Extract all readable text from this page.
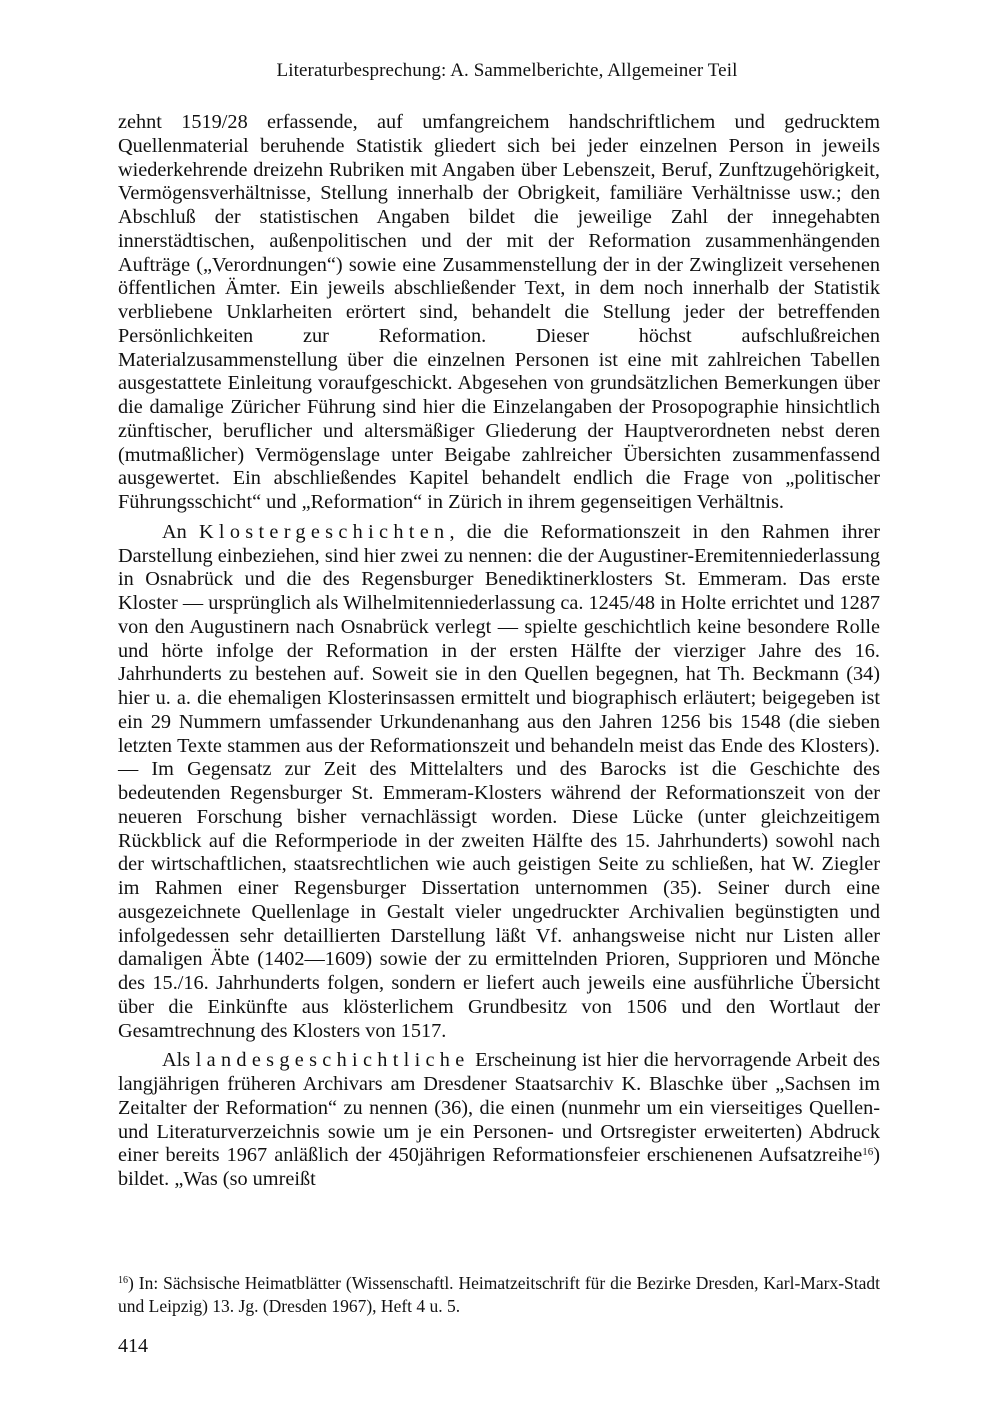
Literaturbesprechung: A. Sammelberichte, Allgemeiner Teil

zehnt 1519/28 erfassende, auf umfangreichem handschriftlichem und gedrucktem Quellenmaterial beruhende Statistik gliedert sich bei jeder einzelnen Person in jeweils wiederkehrende dreizehn Rubriken mit Angaben über Lebenszeit, Beruf, Zunftzugehörigkeit, Vermögensverhältnisse, Stellung innerhalb der Obrigkeit, familiäre Verhältnisse usw.; den Abschluß der statistischen Angaben bildet die jeweilige Zahl der innegehabten innerstädtischen, außenpolitischen und der mit der Reformation zusammenhängenden Aufträge („Verordnungen“) sowie eine Zusammenstellung der in der Zwinglizeit versehenen öffentlichen Ämter. Ein jeweils abschließender Text, in dem noch innerhalb der Statistik verbliebene Unklarheiten erörtert sind, behandelt die Stellung jeder der betreffenden Persönlichkeiten zur Reformation. Dieser höchst aufschlußreichen Materialzusammenstellung über die einzelnen Personen ist eine mit zahlreichen Tabellen ausgestattete Einleitung voraufgeschickt. Abgesehen von grundsätzlichen Bemerkungen über die damalige Züricher Führung sind hier die Einzelangaben der Prosopographie hinsichtlich zünftischer, beruflicher und altersmäßiger Gliederung der Hauptverordneten nebst deren (mutmaßlicher) Vermögenslage unter Beigabe zahlreicher Übersichten zusammenfassend ausgewertet. Ein abschließendes Kapitel behandelt endlich die Frage von „politischer Führungsschicht“ und „Reformation“ in Zürich in ihrem gegenseitigen Verhältnis.

An Klostergeschichten, die die Reformationszeit in den Rahmen ihrer Darstellung einbeziehen, sind hier zwei zu nennen: die der Augustiner-Eremitenniederlassung in Osnabrück und die des Regensburger Benediktinerklosters St. Emmeram. Das erste Kloster — ursprünglich als Wilhelmitenniederlassung ca. 1245/48 in Holte errichtet und 1287 von den Augustinern nach Osnabrück verlegt — spielte geschichtlich keine besondere Rolle und hörte infolge der Reformation in der ersten Hälfte der vierziger Jahre des 16. Jahrhunderts zu bestehen auf. Soweit sie in den Quellen begegnen, hat Th. Beckmann (34) hier u. a. die ehemaligen Klosterinsassen ermittelt und biographisch erläutert; beigegeben ist ein 29 Nummern umfassender Urkundenanhang aus den Jahren 1256 bis 1548 (die sieben letzten Texte stammen aus der Reformationszeit und behandeln meist das Ende des Klosters). — Im Gegensatz zur Zeit des Mittelalters und des Barocks ist die Geschichte des bedeutenden Regensburger St. Emmeram-Klosters während der Reformationszeit von der neueren Forschung bisher vernachlässigt worden. Diese Lücke (unter gleichzeitigem Rückblick auf die Reformperiode in der zweiten Hälfte des 15. Jahrhunderts) sowohl nach der wirtschaftlichen, staatsrechtlichen wie auch geistigen Seite zu schließen, hat W. Ziegler im Rahmen einer Regensburger Dissertation unternommen (35). Seiner durch eine ausgezeichnete Quellenlage in Gestalt vieler ungedruckter Archivalien begünstigten und infolgedessen sehr detaillierten Darstellung läßt Vf. anhangsweise nicht nur Listen aller damaligen Äbte (1402—1609) sowie der zu ermittelnden Prioren, Supprioren und Mönche des 15./16. Jahrhunderts folgen, sondern er liefert auch jeweils eine ausführliche Übersicht über die Einkünfte aus klösterlichem Grundbesitz von 1506 und den Wortlaut der Gesamtrechnung des Klosters von 1517.

Als landesgeschichtliche Erscheinung ist hier die hervorragende Arbeit des langjährigen früheren Archivars am Dresdener Staatsarchiv K. Blaschke über „Sachsen im Zeitalter der Reformation“ zu nennen (36), die einen (nunmehr um ein vierseitiges Quellen- und Literaturverzeichnis sowie um je ein Personen- und Ortsregister erweiterten) Abdruck einer bereits 1967 anläßlich der 450jährigen Reformationsfeier erschienenen Aufsatzreihe$^{16}$) bildet. „Was (so umreißt

$^{16}$) In: Sächsische Heimatblätter (Wissenschaftl. Heimatzeitschrift für die Bezirke Dresden, Karl-Marx-Stadt und Leipzig) 13. Jg. (Dresden 1967), Heft 4 u. 5.
414
